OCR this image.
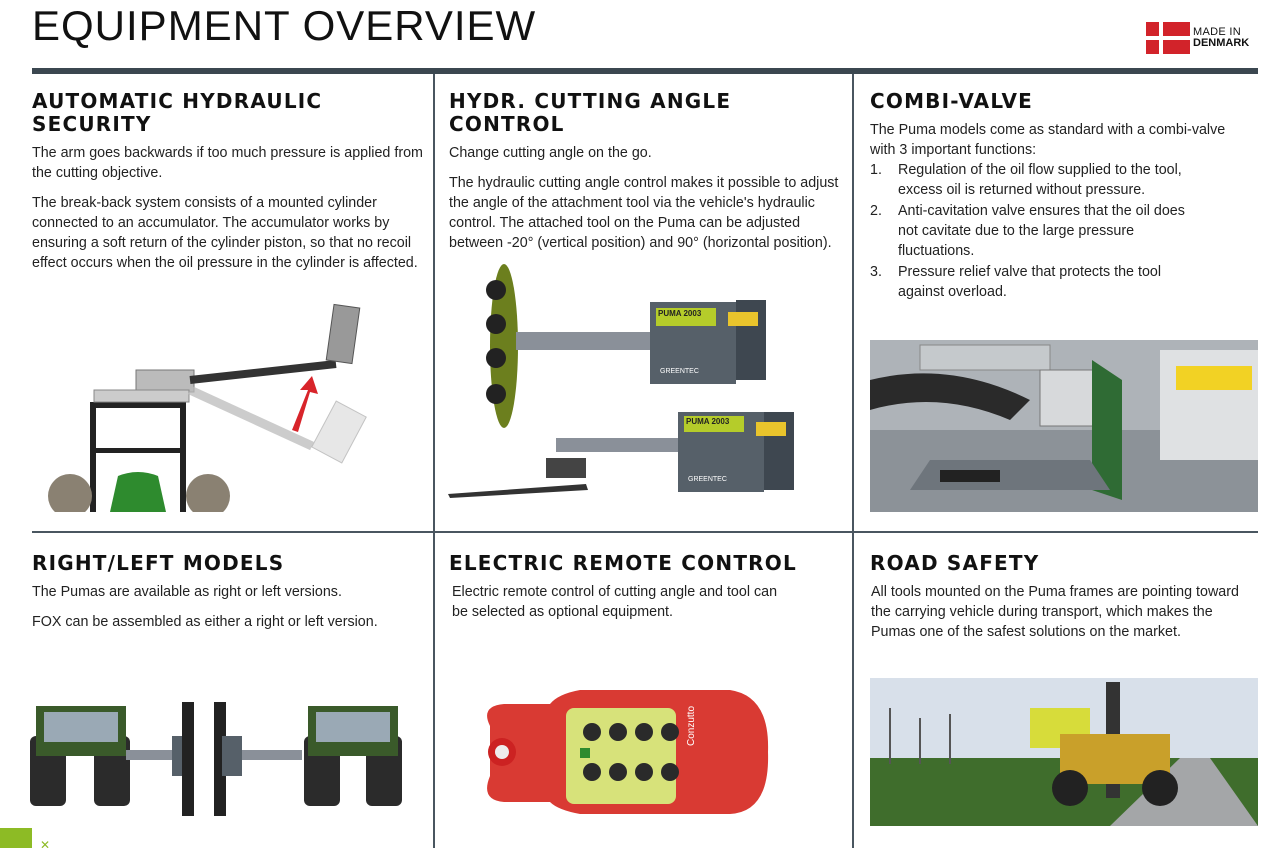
EQUIPMENT OVERVIEW	MADE IN
DENMARK
AUTOMATIC HYDRAULIC SECURITY
The arm goes backwards if too much pressure is applied from the cutting objective.
The break-back system consists of a mounted cylinder connected to an accumulator. The accumulator works by ensuring a soft return of the cylinder piston, so that no recoil effect occurs when the oil pressure in the cylinder is affected.
HYDR. CUTTING ANGLE CONTROL
Change cutting angle on the go.
The hydraulic cutting angle control makes it possible to adjust the angle of the attachment tool via the vehicle's hydraulic control. The attached tool on the Puma can be adjusted between -20° (vertical position) and 90° (horizontal position).
PUMA 2003
GREENTEC
PUMA 2003
GREENTEC
COMBI-VALVE
The Puma models come as standard with a combi-valve with 3 important functions:
1. Regulation of the oil flow supplied to the tool, excess oil is returned without pressure.
2. Anti-cavitation valve ensures that the oil does not cavitate due to the large pressure fluctuations.
3. Pressure relief valve that protects the tool against overload.
RIGHT/LEFT MODELS
The Pumas are available as right or left versions.
FOX can be assembled as either a right or left version.
ELECTRIC REMOTE CONTROL
Electric remote control of cutting angle and tool can be selected as optional equipment.
Conzutto
ROAD SAFETY
All tools mounted on the Puma frames are pointing toward the carrying vehicle during transport, which makes the Pumas one of the safest solutions on the market.
✕
